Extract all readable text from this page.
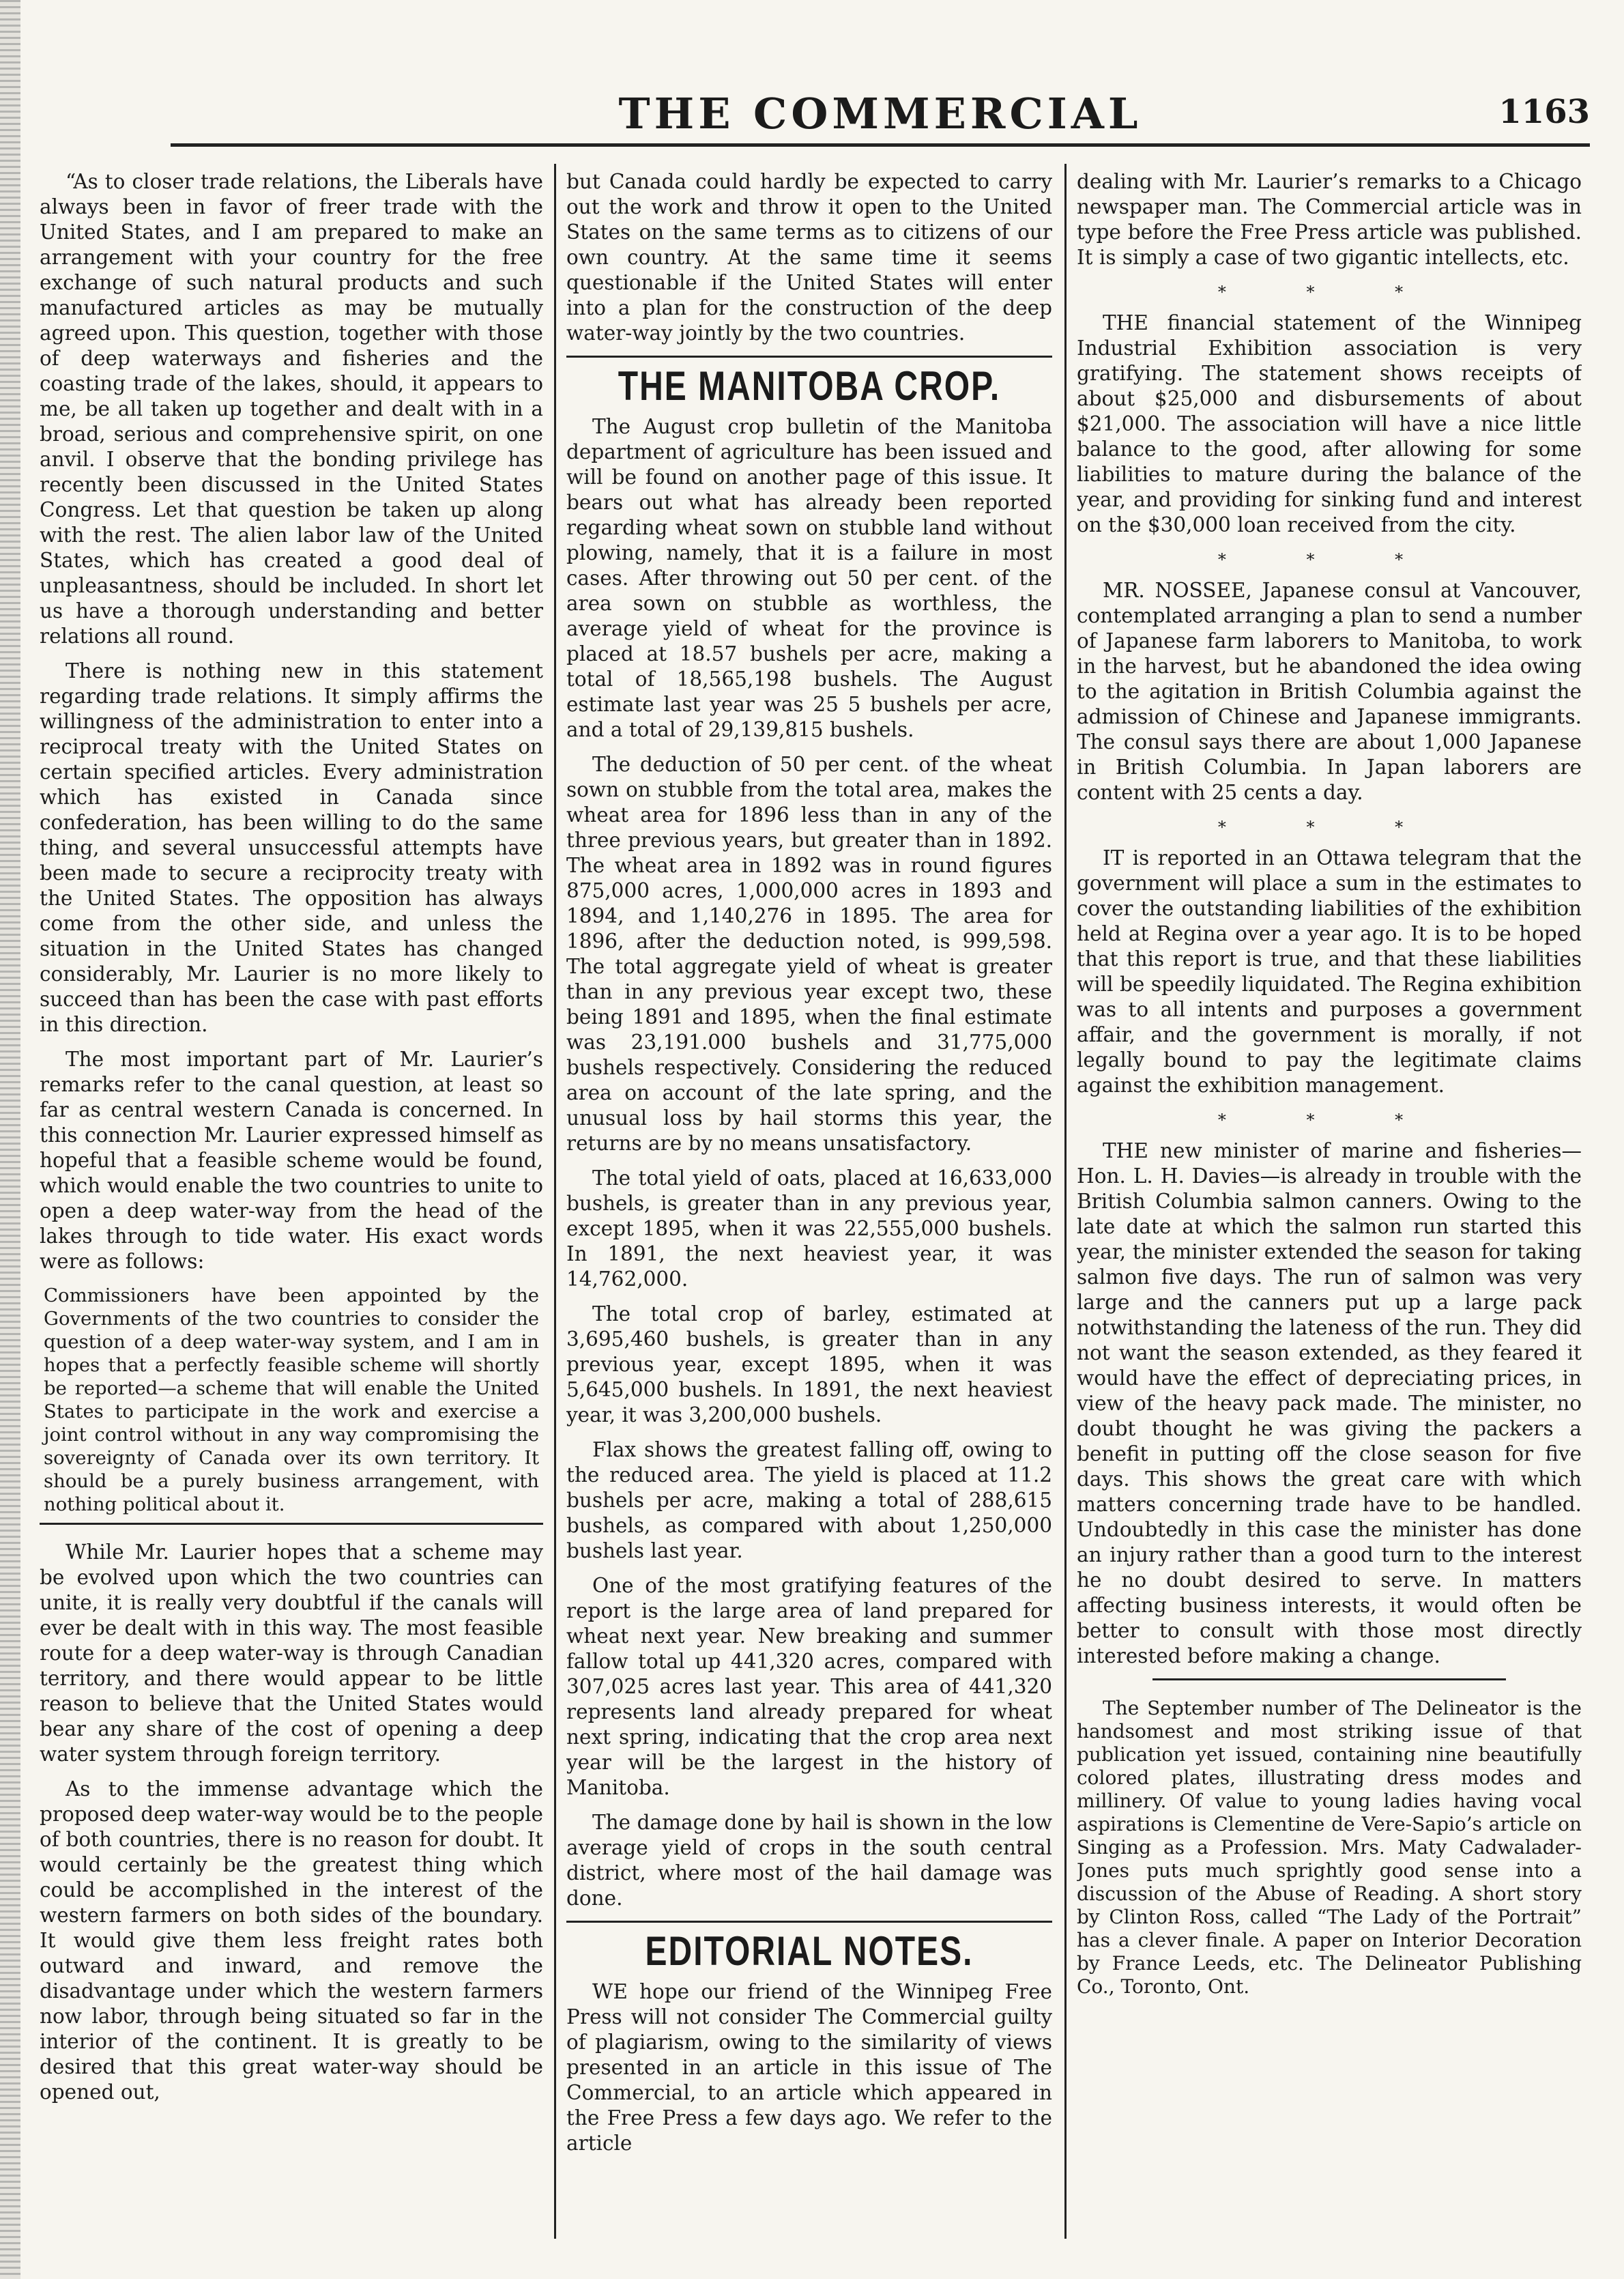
THE COMMERCIAL	1163

“As to closer trade relations, the Liberals have always been in favor of freer trade with the United States, and I am prepared to make an arrangement with your country for the free exchange of such natural products and such manufactured articles as may be mutually agreed upon. This question, together with those of deep waterways and fisheries and the coasting trade of the lakes, should, it appears to me, be all taken up together and dealt with in a broad, serious and comprehensive spirit, on one anvil. I observe that the bonding privilege has recently been discussed in the United States Congress. Let that question be taken up along with the rest. The alien labor law of the United States, which has created a good deal of unpleasantness, should be included. In short let us have a thorough understanding and better relations all round.

There is nothing new in this statement regarding trade relations. It simply affirms the willingness of the administration to enter into a reciprocal treaty with the United States on certain specified articles. Every administration which has existed in Canada since confederation, has been willing to do the same thing, and several unsuccessful attempts have been made to secure a reciprocity treaty with the United States. The opposition has always come from the other side, and unless the situation in the United States has changed considerably, Mr. Laurier is no more likely to succeed than has been the case with past efforts in this direction.

The most important part of Mr. Laurier’s remarks refer to the canal question, at least so far as central western Canada is concerned. In this connection Mr. Laurier expressed himself as hopeful that a feasible scheme would be found, which would enable the two countries to unite to open a deep water-way from the head of the lakes through to tide water. His exact words were as follows:

Commissioners have been appointed by the Governments of the two countries to consider the question of a deep water-way system, and I am in hopes that a perfectly feasible scheme will shortly be reported—a scheme that will enable the United States to participate in the work and exercise a joint control without in any way compromising the sovereignty of Canada over its own territory. It should be a purely business arrangement, with nothing political about it.

While Mr. Laurier hopes that a scheme may be evolved upon which the two countries can unite, it is really very doubtful if the canals will ever be dealt with in this way. The most feasible route for a deep water-way is through Canadian territory, and there would appear to be little reason to believe that the United States would bear any share of the cost of opening a deep water system through foreign territory.

As to the immense advantage which the proposed deep water-way would be to the people of both countries, there is no reason for doubt. It would certainly be the greatest thing which could be accomplished in the interest of the western farmers on both sides of the boundary. It would give them less freight rates both outward and inward, and remove the disadvantage under which the western farmers now labor, through being situated so far in the interior of the continent. It is greatly to be desired that this great water-way should be opened out,

but Canada could hardly be expected to carry out the work and throw it open to the United States on the same terms as to citizens of our own country. At the same time it seems questionable if the United States will enter into a plan for the construction of the deep water-way jointly by the two countries.

THE MANITOBA CROP.

The August crop bulletin of the Manitoba department of agriculture has been issued and will be found on another page of this issue. It bears out what has already been reported regarding wheat sown on stubble land without plowing, namely, that it is a failure in most cases. After throwing out 50 per cent. of the area sown on stubble as worthless, the average yield of wheat for the province is placed at 18.57 bushels per acre, making a total of 18,565,198 bushels. The August estimate last year was 25 5 bushels per acre, and a total of 29,139,815 bushels.

The deduction of 50 per cent. of the wheat sown on stubble from the total area, makes the wheat area for 1896 less than in any of the three previous years, but greater than in 1892. The wheat area in 1892 was in round figures 875,000 acres, 1,000,000 acres in 1893 and 1894, and 1,140,276 in 1895. The area for 1896, after the deduction noted, is 999,598. The total aggregate yield of wheat is greater than in any previous year except two, these being 1891 and 1895, when the final estimate was 23,191.000 bushels and 31,775,000 bushels respectively. Considering the reduced area on account of the late spring, and the unusual loss by hail storms this year, the returns are by no means unsatisfactory.

The total yield of oats, placed at 16,633,000 bushels, is greater than in any previous year, except 1895, when it was 22,555,000 bushels. In 1891, the next heaviest year, it was 14,762,000.

The total crop of barley, estimated at 3,695,460 bushels, is greater than in any previous year, except 1895, when it was 5,645,000 bushels. In 1891, the next heaviest year, it was 3,200,000 bushels.

Flax shows the greatest falling off, owing to the reduced area. The yield is placed at 11.2 bushels per acre, making a total of 288,615 bushels, as compared with about 1,250,000 bushels last year.

One of the most gratifying features of the report is the large area of land prepared for wheat next year. New breaking and summer fallow total up 441,320 acres, compared with 307,025 acres last year. This area of 441,320 represents land already prepared for wheat next spring, indicating that the crop area next year will be the largest in the history of Manitoba.

The damage done by hail is shown in the low average yield of crops in the south central district, where most of the hail damage was done.

EDITORIAL NOTES.

WE hope our friend of the Winnipeg Free Press will not consider The Commercial guilty of plagiarism, owing to the similarity of views presented in an article in this issue of The Commercial, to an article which appeared in the Free Press a few days ago. We refer to the article

dealing with Mr. Laurier’s remarks to a Chicago newspaper man. The Commercial article was in type before the Free Press article was published. It is simply a case of two gigantic intellects, etc.

* * *

THE financial statement of the Winnipeg Industrial Exhibition association is very gratifying. The statement shows receipts of about $25,000 and disbursements of about $21,000. The association will have a nice little balance to the good, after allowing for some liabilities to mature during the balance of the year, and providing for sinking fund and interest on the $30,000 loan received from the city.

* * *

MR. NOSSEE, Japanese consul at Vancouver, contemplated arranging a plan to send a number of Japanese farm laborers to Manitoba, to work in the harvest, but he abandoned the idea owing to the agitation in British Columbia against the admission of Chinese and Japanese immigrants. The consul says there are about 1,000 Japanese in British Columbia. In Japan laborers are content with 25 cents a day.

* * *

IT is reported in an Ottawa telegram that the government will place a sum in the estimates to cover the outstanding liabilities of the exhibition held at Regina over a year ago. It is to be hoped that this report is true, and that these liabilities will be speedily liquidated. The Regina exhibition was to all intents and purposes a government affair, and the government is morally, if not legally bound to pay the legitimate claims against the exhibition management.

* * *

THE new minister of marine and fisheries—Hon. L. H. Davies—is already in trouble with the British Columbia salmon canners. Owing to the late date at which the salmon run started this year, the minister extended the season for taking salmon five days. The run of salmon was very large and the canners put up a large pack notwithstanding the lateness of the run. They did not want the season extended, as they feared it would have the effect of depreciating prices, in view of the heavy pack made. The minister, no doubt thought he was giving the packers a benefit in putting off the close season for five days. This shows the great care with which matters concerning trade have to be handled. Undoubtedly in this case the minister has done an injury rather than a good turn to the interest he no doubt desired to serve. In matters affecting business interests, it would often be better to consult with those most directly interested before making a change.

The September number of The Delineator is the handsomest and most striking issue of that publication yet issued, containing nine beautifully colored plates, illustrating dress modes and millinery. Of value to young ladies having vocal aspirations is Clementine de Vere-Sapio’s article on Singing as a Profession. Mrs. Maty Cadwalader-Jones puts much sprightly good sense into a discussion of the Abuse of Reading. A short story by Clinton Ross, called “The Lady of the Portrait” has a clever finale. A paper on Interior Decoration by France Leeds, etc. The Delineator Publishing Co., Toronto, Ont.
